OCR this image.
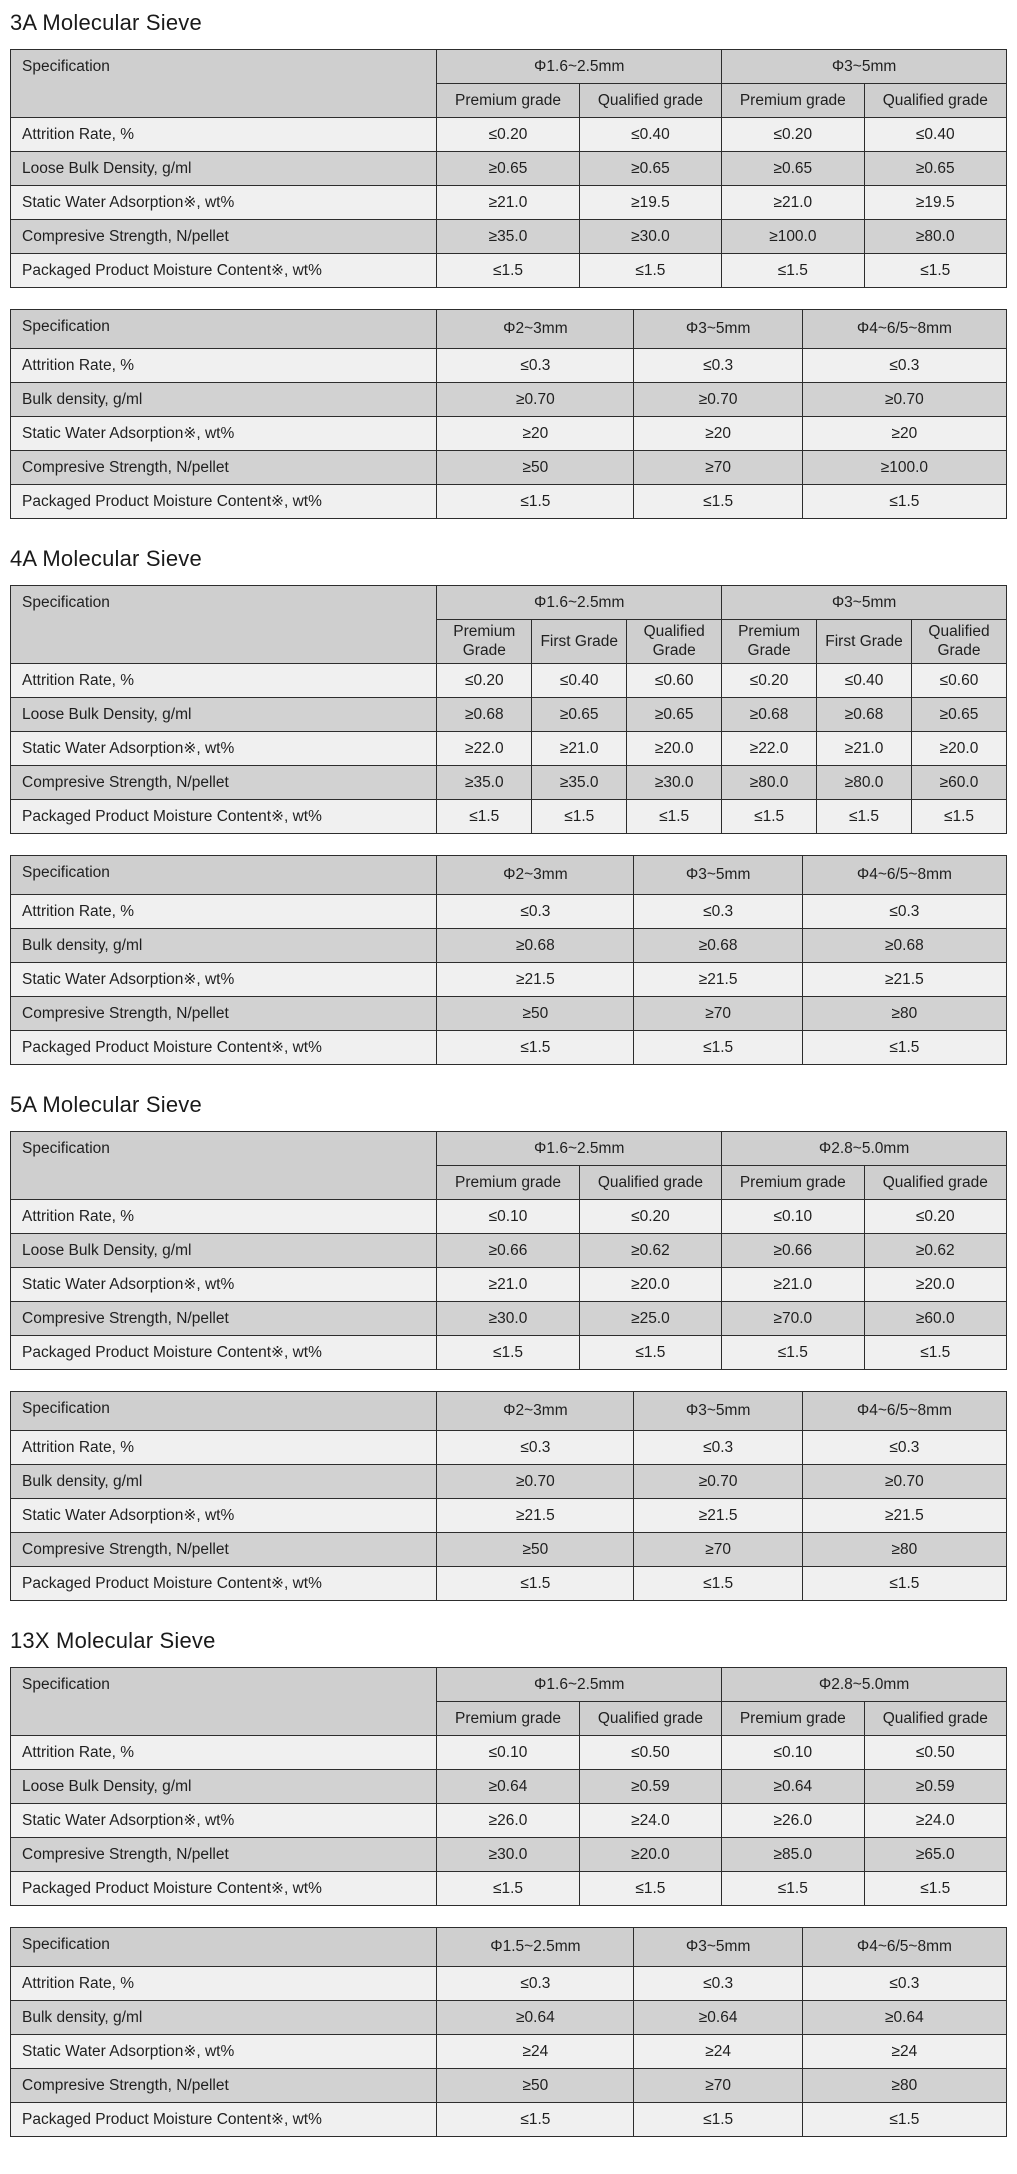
3A Molecular Sieve
Specification	Φ1.6~2.5mm		Φ3~5mm	
	Premium grade	Qualified grade	Premium grade	Qualified grade
Attrition Rate, %	≤0.20	≤0.40	≤0.20	≤0.40
Loose Bulk Density, g/ml	≥0.65	≥0.65	≥0.65	≥0.65
Static Water Adsorption※, wt%	≥21.0	≥19.5	≥21.0	≥19.5
Compresive Strength, N/pellet	≥35.0	≥30.0	≥100.0	≥80.0
Packaged Product Moisture Content※, wt%	≤1.5	≤1.5	≤1.5	≤1.5
Specification	Φ2~3mm	Φ3~5mm	Φ4~6/5~8mm
Attrition Rate, %	≤0.3	≤0.3	≤0.3
Bulk density, g/ml	≥0.70	≥0.70	≥0.70
Static Water Adsorption※, wt%	≥20	≥20	≥20
Compresive Strength, N/pellet	≥50	≥70	≥100.0
Packaged Product Moisture Content※, wt%	≤1.5	≤1.5	≤1.5
4A Molecular Sieve
Specification	Φ1.6~2.5mm			Φ3~5mm		
	Premium Grade	First Grade	Qualified Grade	Premium Grade	First Grade	Qualified Grade
Attrition Rate, %	≤0.20	≤0.40	≤0.60	≤0.20	≤0.40	≤0.60
Loose Bulk Density, g/ml	≥0.68	≥0.65	≥0.65	≥0.68	≥0.68	≥0.65
Static Water Adsorption※, wt%	≥22.0	≥21.0	≥20.0	≥22.0	≥21.0	≥20.0
Compresive Strength, N/pellet	≥35.0	≥35.0	≥30.0	≥80.0	≥80.0	≥60.0
Packaged Product Moisture Content※, wt%	≤1.5	≤1.5	≤1.5	≤1.5	≤1.5	≤1.5
Specification	Φ2~3mm	Φ3~5mm	Φ4~6/5~8mm
Attrition Rate, %	≤0.3	≤0.3	≤0.3
Bulk density, g/ml	≥0.68	≥0.68	≥0.68
Static Water Adsorption※, wt%	≥21.5	≥21.5	≥21.5
Compresive Strength, N/pellet	≥50	≥70	≥80
Packaged Product Moisture Content※, wt%	≤1.5	≤1.5	≤1.5
5A Molecular Sieve
Specification	Φ1.6~2.5mm		Φ2.8~5.0mm	
	Premium grade	Qualified grade	Premium grade	Qualified grade
Attrition Rate, %	≤0.10	≤0.20	≤0.10	≤0.20
Loose Bulk Density, g/ml	≥0.66	≥0.62	≥0.66	≥0.62
Static Water Adsorption※, wt%	≥21.0	≥20.0	≥21.0	≥20.0
Compresive Strength, N/pellet	≥30.0	≥25.0	≥70.0	≥60.0
Packaged Product Moisture Content※, wt%	≤1.5	≤1.5	≤1.5	≤1.5
Specification	Φ2~3mm	Φ3~5mm	Φ4~6/5~8mm
Attrition Rate, %	≤0.3	≤0.3	≤0.3
Bulk density, g/ml	≥0.70	≥0.70	≥0.70
Static Water Adsorption※, wt%	≥21.5	≥21.5	≥21.5
Compresive Strength, N/pellet	≥50	≥70	≥80
Packaged Product Moisture Content※, wt%	≤1.5	≤1.5	≤1.5
13X Molecular Sieve
Specification	Φ1.6~2.5mm		Φ2.8~5.0mm	
	Premium grade	Qualified grade	Premium grade	Qualified grade
Attrition Rate, %	≤0.10	≤0.50	≤0.10	≤0.50
Loose Bulk Density, g/ml	≥0.64	≥0.59	≥0.64	≥0.59
Static Water Adsorption※, wt%	≥26.0	≥24.0	≥26.0	≥24.0
Compresive Strength, N/pellet	≥30.0	≥20.0	≥85.0	≥65.0
Packaged Product Moisture Content※, wt%	≤1.5	≤1.5	≤1.5	≤1.5
Specification	Φ1.5~2.5mm	Φ3~5mm	Φ4~6/5~8mm
Attrition Rate, %	≤0.3	≤0.3	≤0.3
Bulk density, g/ml	≥0.64	≥0.64	≥0.64
Static Water Adsorption※, wt%	≥24	≥24	≥24
Compresive Strength, N/pellet	≥50	≥70	≥80
Packaged Product Moisture Content※, wt%	≤1.5	≤1.5	≤1.5
